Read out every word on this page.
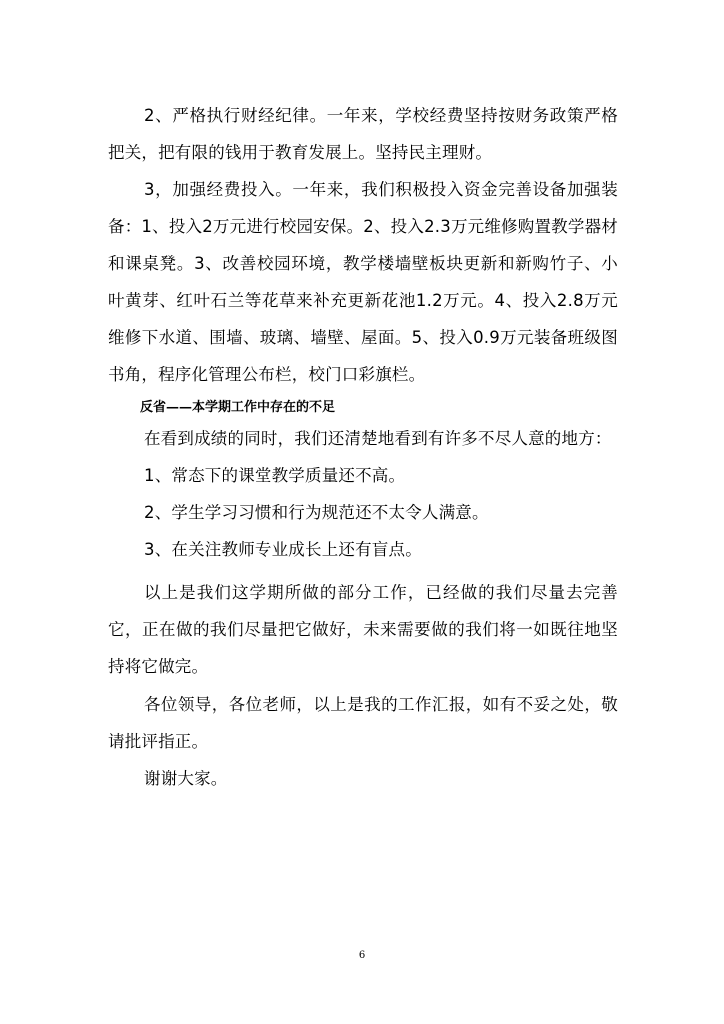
2、严格执行财经纪律。一年来，学校经费坚持按财务政策严格把关，把有限的钱用于教育发展上。坚持民主理财。

3，加强经费投入。一年来，我们积极投入资金完善设备加强装备：1、投入2万元进行校园安保。2、投入2.3万元维修购置教学器材和课桌凳。3、改善校园环境，教学楼墙壁板块更新和新购竹子、小叶黄芽、红叶石兰等花草来补充更新花池1.2万元。4、投入2.8万元维修下水道、围墙、玻璃、墙壁、屋面。5、投入0.9万元装备班级图书角，程序化管理公布栏，校门口彩旗栏。

反省——本学期工作中存在的不足

在看到成绩的同时，我们还清楚地看到有许多不尽人意的地方：

1、常态下的课堂教学质量还不高。

2、学生学习习惯和行为规范还不太令人满意。

3、在关注教师专业成长上还有盲点。

以上是我们这学期所做的部分工作，已经做的我们尽量去完善它，正在做的我们尽量把它做好，未来需要做的我们将一如既往地坚持将它做完。

各位领导，各位老师，以上是我的工作汇报，如有不妥之处，敬请批评指正。

谢谢大家。

6
